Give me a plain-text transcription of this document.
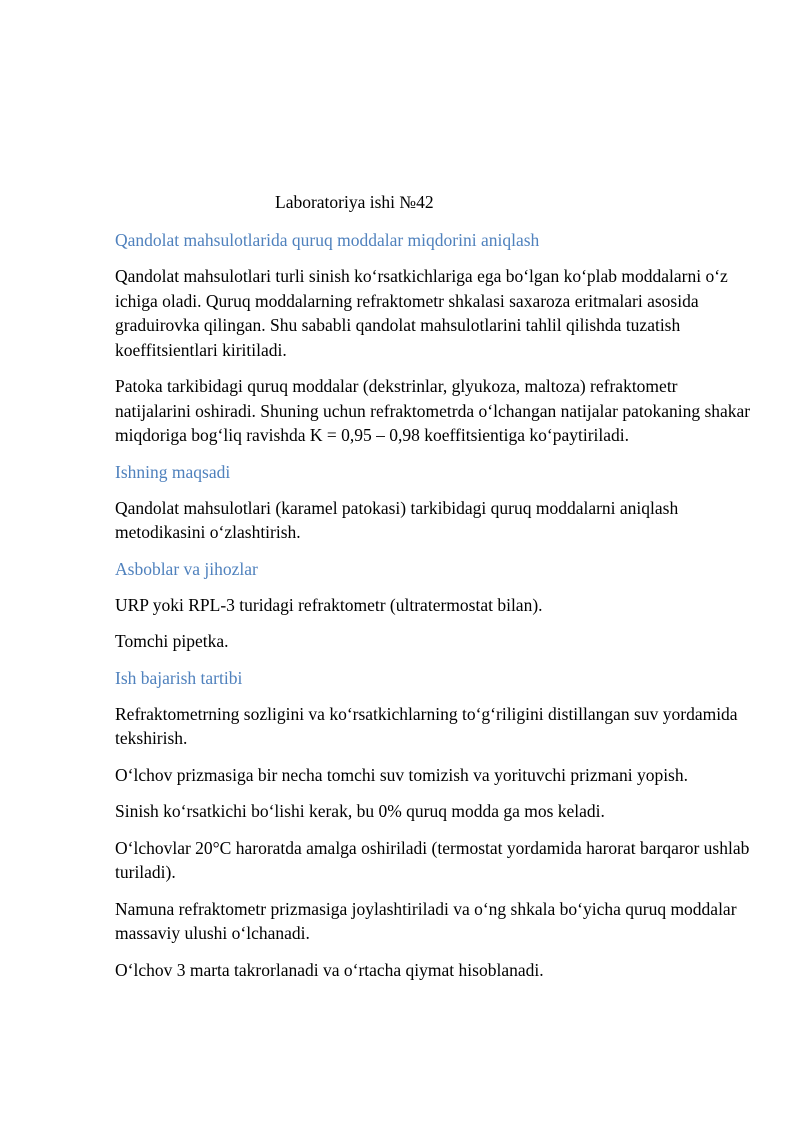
Laboratoriya ishi №42
Qandolat mahsulotlarida quruq moddalar miqdorini aniqlash
Qandolat mahsulotlari turli sinish koʻrsatkichlariga ega boʻlgan koʻplab moddalarni oʻz ichiga oladi. Quruq moddalarning refraktometr shkalasi saxaroza eritmalari asosida graduirovka qilingan. Shu sababli qandolat mahsulotlarini tahlil qilishda tuzatish koeffitsientlari kiritiladi.
Patoka tarkibidagi quruq moddalar (dekstrinlar, glyukoza, maltoza) refraktometr natijalarini oshiradi. Shuning uchun refraktometrda oʻlchangan natijalar patokaning shakar miqdoriga bogʻliq ravishda K = 0,95 – 0,98 koeffitsientiga koʻpaytiriladi.
Ishning maqsadi
Qandolat mahsulotlari (karamel patokasi) tarkibidagi quruq moddalarni aniqlash metodikasini oʻzlashtirish.
Asboblar va jihozlar
URP yoki RPL-3 turidagi refraktometr (ultratermostat bilan).
Tomchi pipetka.
Ish bajarish tartibi
Refraktometrning sozligini va koʻrsatkichlarning toʻgʻriligini distillangan suv yordamida tekshirish.
Oʻlchov prizmasiga bir necha tomchi suv tomizish va yorituvchi prizmani yopish.
Sinish koʻrsatkichi boʻlishi kerak, bu 0% quruq modda ga mos keladi.
Oʻlchovlar 20°C haroratda amalga oshiriladi (termostat yordamida harorat barqaror ushlab turiladi).
Namuna refraktometr prizmasiga joylashtiriladi va oʻng shkala boʻyicha quruq moddalar massaviy ulushi oʻlchanadi.
Oʻlchov 3 marta takrorlanadi va oʻrtacha qiymat hisoblanadi.
